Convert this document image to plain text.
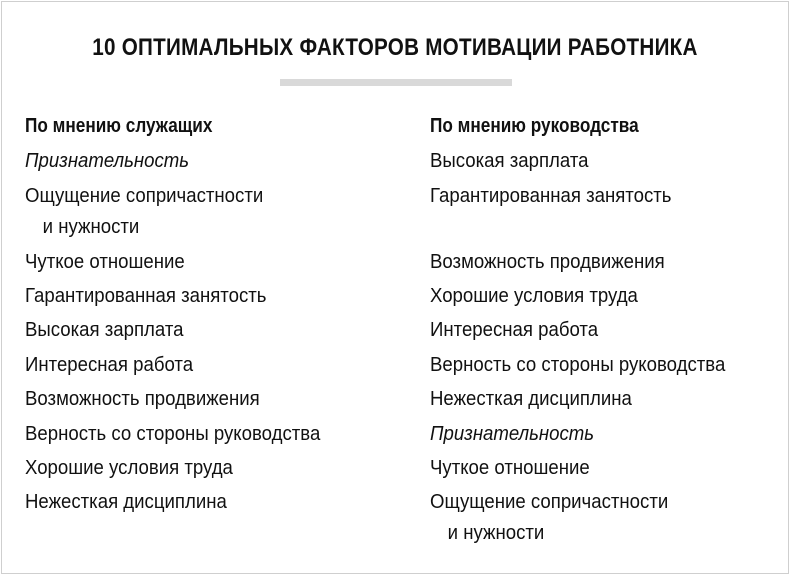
10 ОПТИМАЛЬНЫХ ФАКТОРОВ МОТИВАЦИИ РАБОТНИКА
По мнению служащих
Признательность
Ощущение сопричастности
и нужности
Чуткое отношение
Гарантированная занятость
Высокая зарплата
Интересная работа
Возможность продвижения
Верность со стороны руководства
Хорошие условия труда
Нежесткая дисциплина
По мнению руководства
Высокая зарплата
Гарантированная занятость
Возможность продвижения
Хорошие условия труда
Интересная работа
Верность со стороны руководства
Нежесткая дисциплина
Признательность
Чуткое отношение
Ощущение сопричастности
и нужности
